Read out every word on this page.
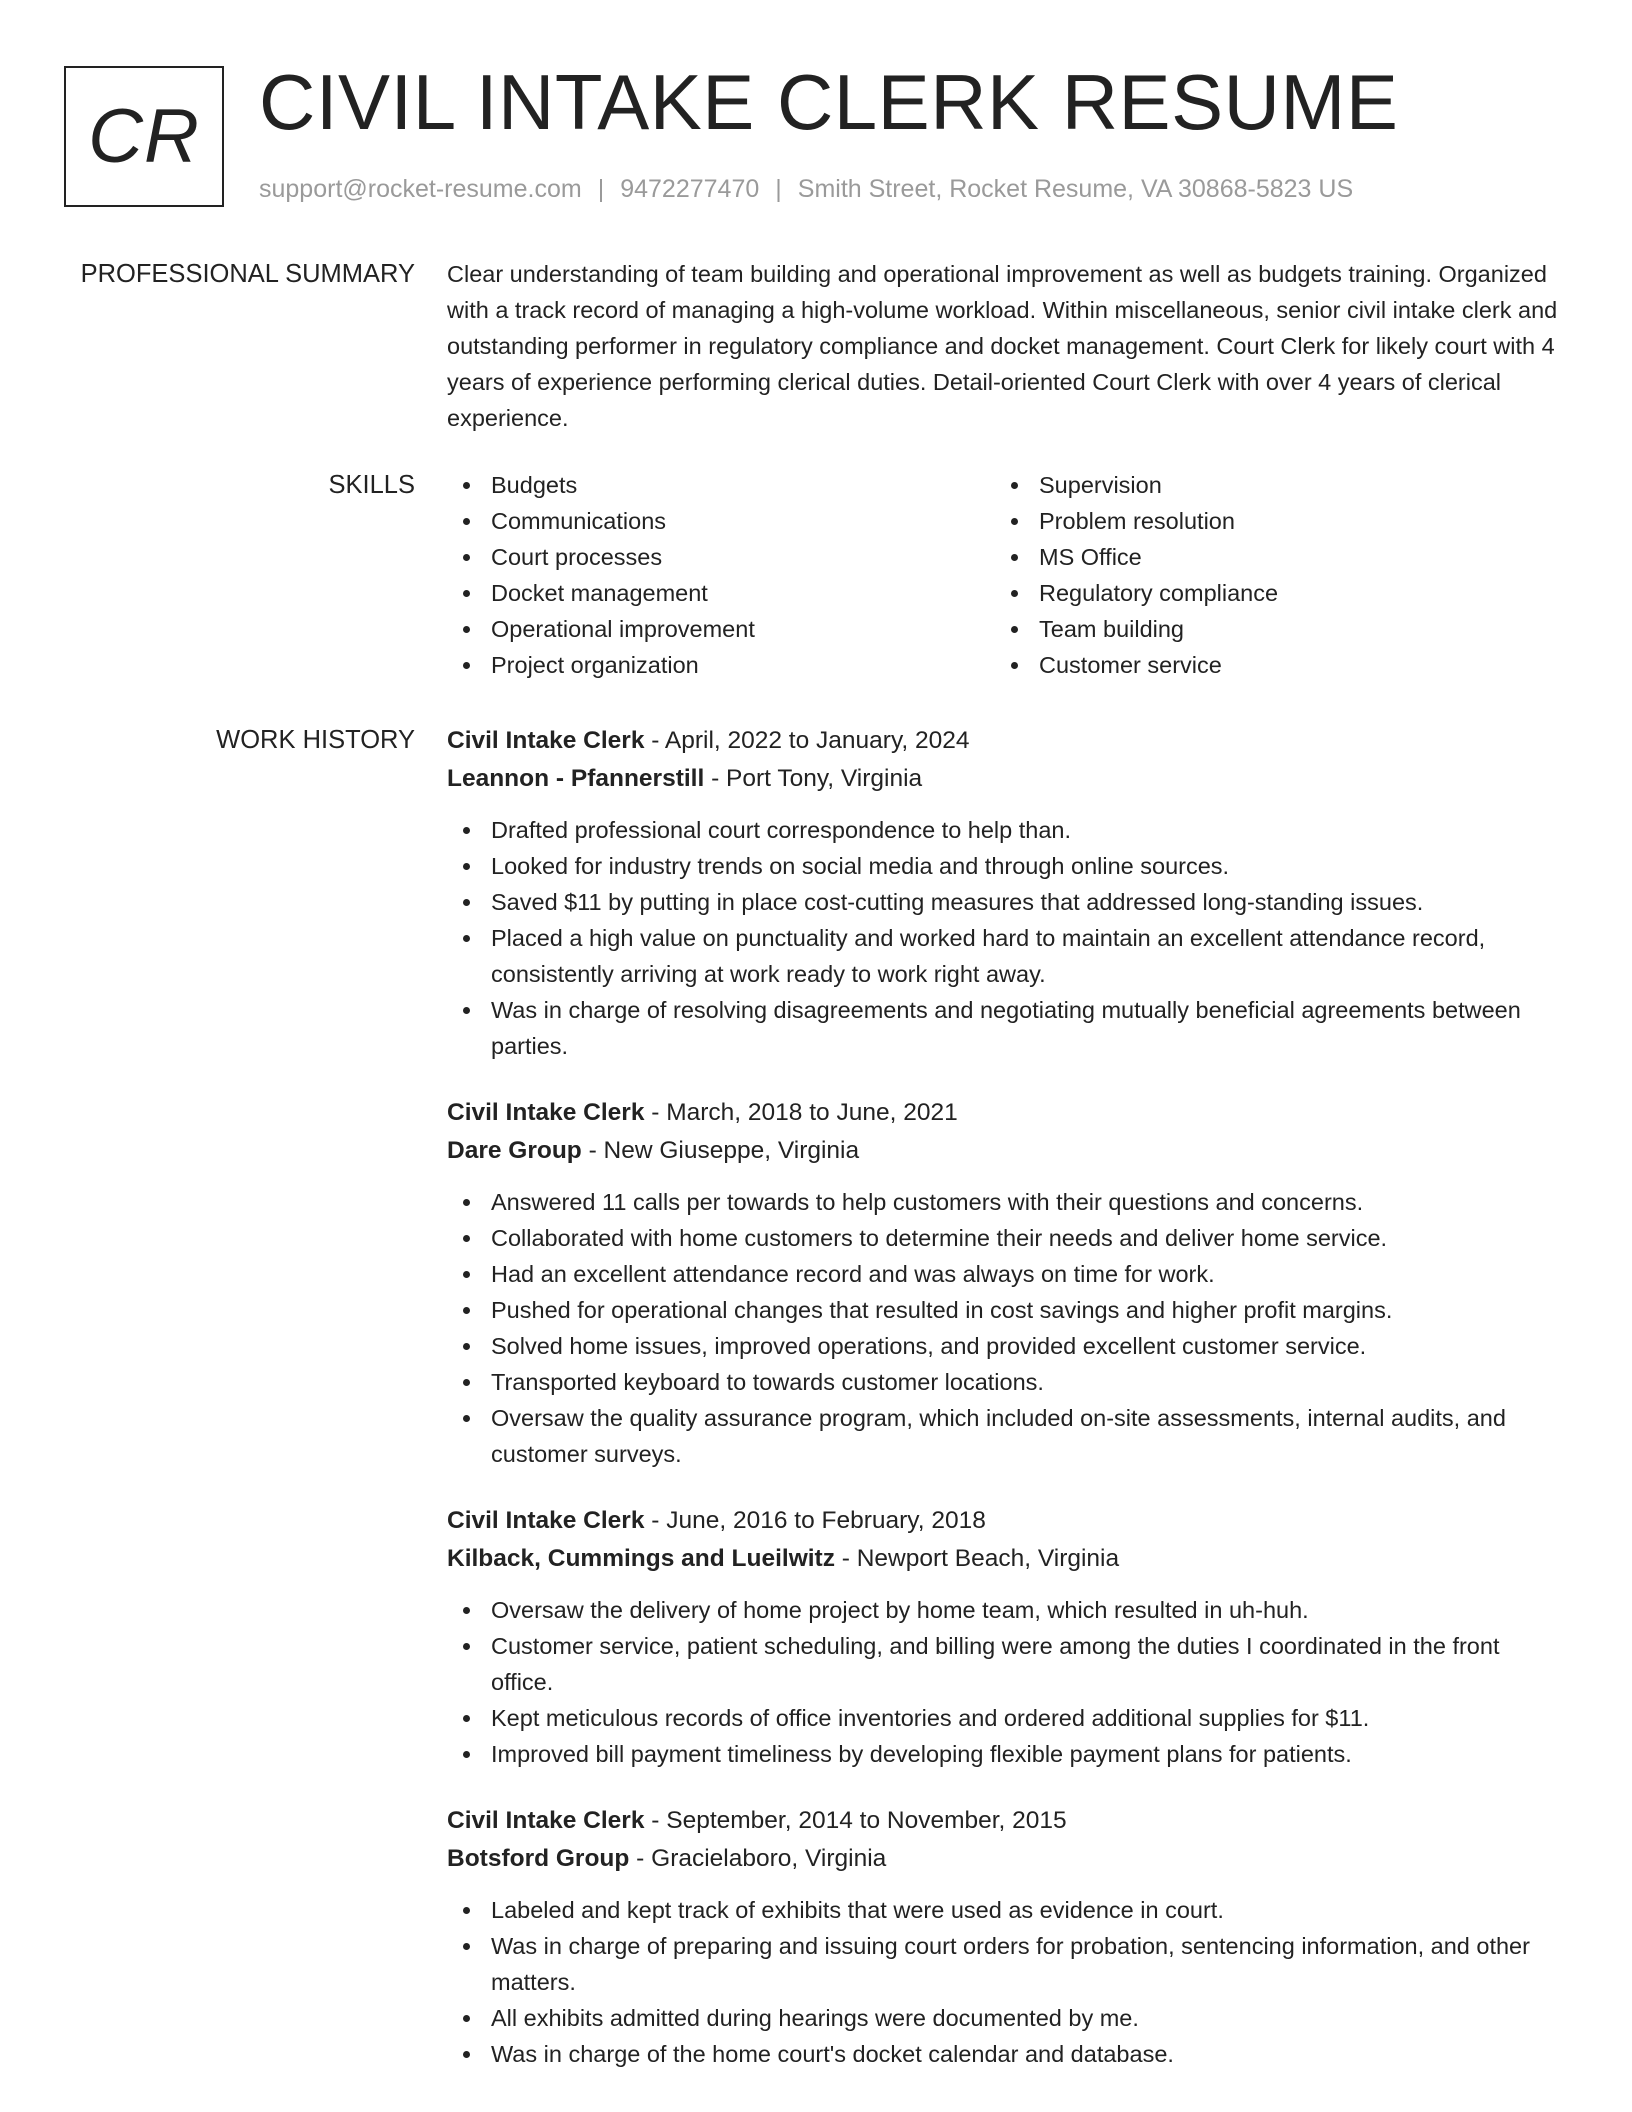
CR CIVIL INTAKE CLERK RESUME
support@rocket-resume.com | 9472277470 | Smith Street, Rocket Resume, VA 30868-5823 US
PROFESSIONAL SUMMARY Clear understanding of team building and operational improvement as well as budgets training. Organized with a track record of managing a high-volume workload. Within miscellaneous, senior civil intake clerk and outstanding performer in regulatory compliance and docket management. Court Clerk for likely court with 4 years of experience performing clerical duties. Detail-oriented Court Clerk with over 4 years of clerical experience.

SKILLS	Budgets
Communications
Court processes
Docket management
Operational improvement
Project organization
Supervision
Problem resolution
MS Office
Regulatory compliance
Team building
Customer service
WORK HISTORY Civil Intake Clerk - April, 2022 to January, 2024
Leannon - Pfannerstill - Port Tony, Virginia
Drafted professional court correspondence to help than.
Looked for industry trends on social media and through online sources.
Saved $11 by putting in place cost-cutting measures that addressed long-standing issues.
Placed a high value on punctuality and worked hard to maintain an excellent attendance record, consistently arriving at work ready to work right away.
Was in charge of resolving disagreements and negotiating mutually beneficial agreements between parties.
Civil Intake Clerk - March, 2018 to June, 2021
Dare Group - New Giuseppe, Virginia
Answered 11 calls per towards to help customers with their questions and concerns.
Collaborated with home customers to determine their needs and deliver home service.
Had an excellent attendance record and was always on time for work.
Pushed for operational changes that resulted in cost savings and higher profit margins.
Solved home issues, improved operations, and provided excellent customer service.
Transported keyboard to towards customer locations.
Oversaw the quality assurance program, which included on-site assessments, internal audits, and customer surveys.
Civil Intake Clerk - June, 2016 to February, 2018
Kilback, Cummings and Lueilwitz - Newport Beach, Virginia
Oversaw the delivery of home project by home team, which resulted in uh-huh.
Customer service, patient scheduling, and billing were among the duties I coordinated in the front office.
Kept meticulous records of office inventories and ordered additional supplies for $11.
Improved bill payment timeliness by developing flexible payment plans for patients.
Civil Intake Clerk - September, 2014 to November, 2015
Botsford Group - Gracielaboro, Virginia
Labeled and kept track of exhibits that were used as evidence in court.
Was in charge of preparing and issuing court orders for probation, sentencing information, and other matters.
All exhibits admitted during hearings were documented by me.
Was in charge of the home court's docket calendar and database.
